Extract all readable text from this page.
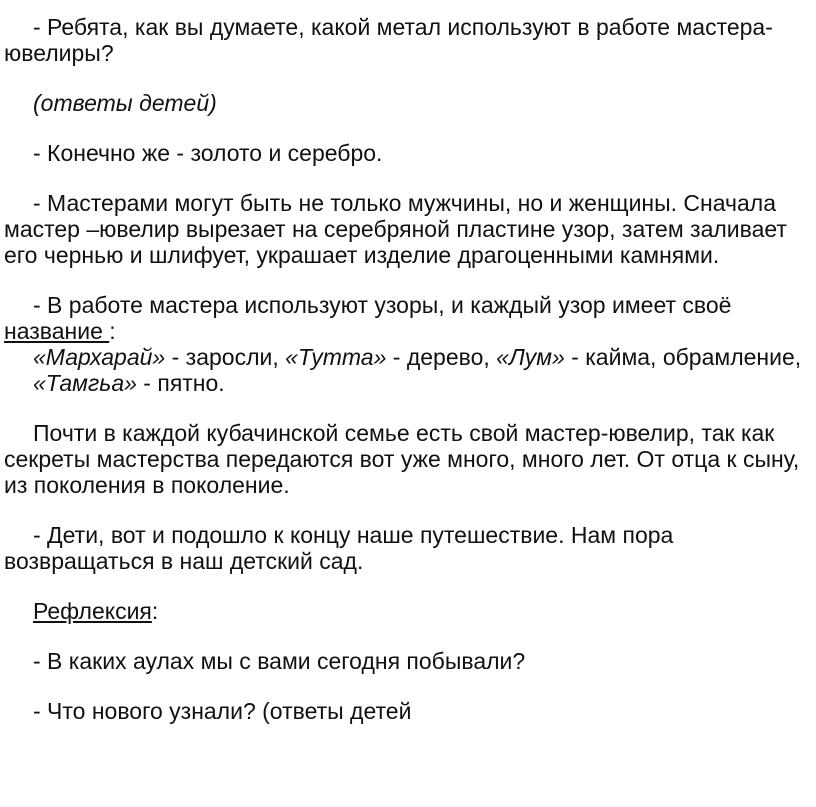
- Ребята, как вы думаете, какой метал используют в работе мастера-ювелиры?

(ответы детей)

- Конечно же - золото и серебро.

- Мастерами могут быть не только мужчины, но и женщины. Сначала мастер –ювелир вырезает на серебряной пластине узор, затем заливает его чернью и шлифует, украшает изделие драгоценными камнями.

- В работе мастера используют узоры, и каждый узор имеет своё название :
«Мархарай» - заросли, «Тутта» - дерево, «Лум» - кайма, обрамление,
«Тамгьа» - пятно.

Почти в каждой кубачинской семье есть свой мастер-ювелир, так как секреты мастерства передаются вот уже много, много лет. От отца к сыну, из поколения в поколение.

- Дети, вот и подошло к концу наше путешествие. Нам пора возвращаться в наш детский сад.

Рефлексия:

- В каких аулах мы с вами сегодня побывали?

- Что нового узнали? (ответы детей
